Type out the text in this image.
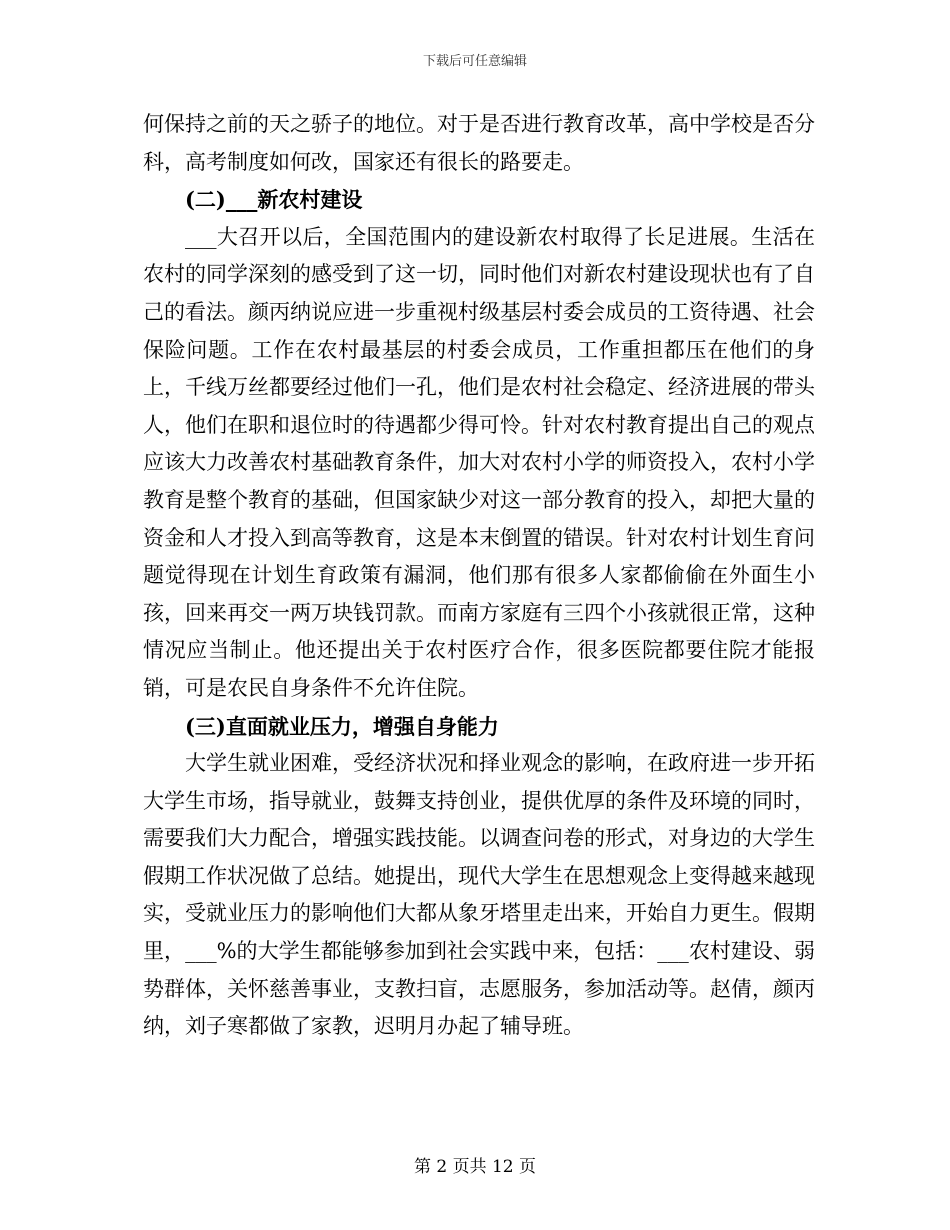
下载后可任意编辑

何保持之前的天之骄子的地位。对于是否进行教育改革，高中学校是否分科，高考制度如何改，国家还有很长的路要走。

(二)___新农村建设

___大召开以后，全国范围内的建设新农村取得了长足进展。生活在农村的同学深刻的感受到了这一切，同时他们对新农村建设现状也有了自己的看法。颜丙纳说应进一步重视村级基层村委会成员的工资待遇、社会保险问题。工作在农村最基层的村委会成员，工作重担都压在他们的身上，千线万丝都要经过他们一孔，他们是农村社会稳定、经济进展的带头人，他们在职和退位时的待遇都少得可怜。针对农村教育提出自己的观点应该大力改善农村基础教育条件，加大对农村小学的师资投入，农村小学教育是整个教育的基础，但国家缺少对这一部分教育的投入，却把大量的资金和人才投入到高等教育，这是本末倒置的错误。针对农村计划生育问题觉得现在计划生育政策有漏洞，他们那有很多人家都偷偷在外面生小孩，回来再交一两万块钱罚款。而南方家庭有三四个小孩就很正常，这种情况应当制止。他还提出关于农村医疗合作，很多医院都要住院才能报销，可是农民自身条件不允许住院。

(三)直面就业压力，增强自身能力

大学生就业困难，受经济状况和择业观念的影响，在政府进一步开拓大学生市场，指导就业，鼓舞支持创业，提供优厚的条件及环境的同时，需要我们大力配合，增强实践技能。以调查问卷的形式，对身边的大学生假期工作状况做了总结。她提出，现代大学生在思想观念上变得越来越现实，受就业压力的影响他们大都从象牙塔里走出来，开始自力更生。假期里，___%的大学生都能够参加到社会实践中来，包括：___农村建设、弱势群体，关怀慈善事业，支教扫盲，志愿服务，参加活动等。赵倩，颜丙纳，刘子寒都做了家教，迟明月办起了辅导班。

第 2 页共 12 页
